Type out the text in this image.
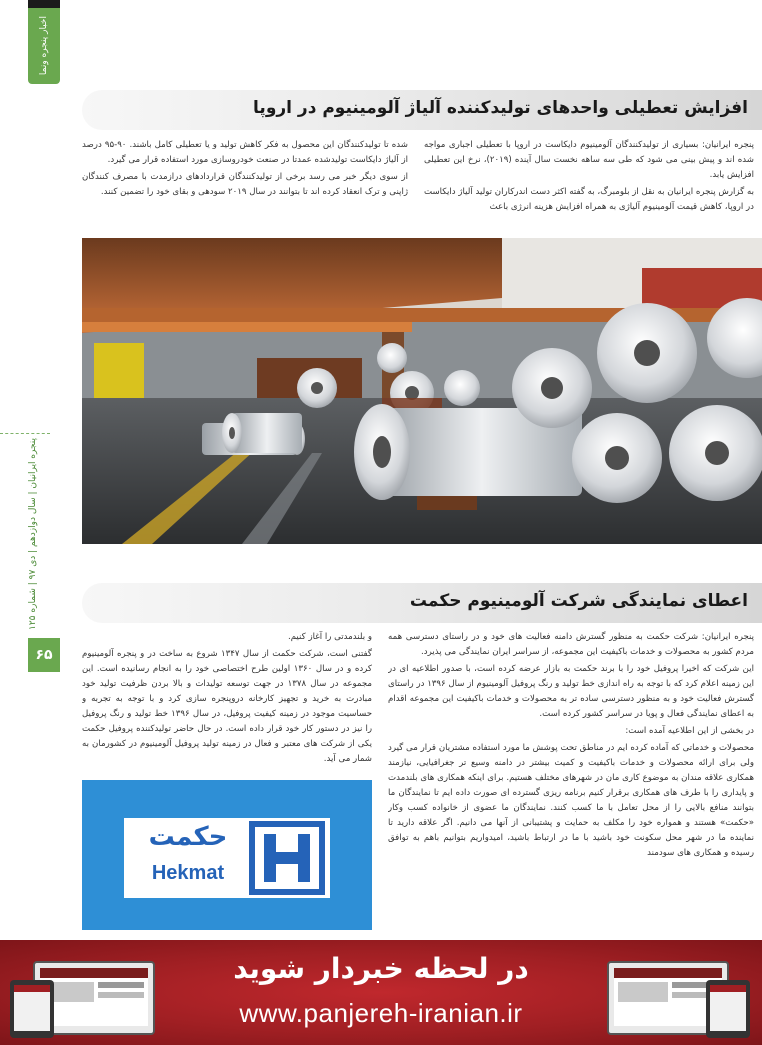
اخبار پنجره ونما
پنجره ایرانیان | سال دوازدهم | دی ۹۷ | شماره ۱۲۵
۶۵
افزایش تعطیلی واحدهای تولیدکننده آلیاژ آلومینیوم در اروپا

پنجره ایرانیان: بسیاری از تولیدکنندگان آلومینیوم دایکاست در اروپا با تعطیلی اجباری مواجه شده اند و پیش بینی می شود که طی سه ساهه نخست سال آینده (۲۰۱۹)، نرخ این تعطیلی افزایش یابد.

به گزارش پنجره ایرانیان به نقل از بلومبرگ، به گفته اکثر دست اندرکاران تولید آلیاژ دایکاست در اروپا، کاهش قیمت آلومینیوم آلیاژی به همراه افزایش هزینه انرژی باعث

شده تا تولیدکنندگان این محصول به فکر کاهش تولید و یا تعطیلی کامل باشند. ۹۰-۹۵ درصد از آلیاژ دایکاست تولیدشده عمدتا در صنعت خودروسازی مورد استفاده قرار می گیرد.

از سوی دیگر خبر می رسد برخی از تولیدکنندگان قراردادهای درازمدت با مصرف کنندگان ژاپنی و ترک انعقاد کرده اند تا بتوانند در سال ۲۰۱۹ سودهی و بقای خود را تضمین کنند.

اعطای نمایندگی شرکت آلومینیوم حکمت

پنجره ایرانیان: شرکت حکمت به منظور گسترش دامنه فعالیت های خود و در راستای دسترسی همه مردم کشور به محصولات و خدمات باکیفیت این مجموعه، از سراسر ایران نمایندگی می پذیرد.

این شرکت که اخیرا پروفیل خود را با برند حکمت به بازار عرضه کرده است، با صدور اطلاعیه ای در این زمینه اعلام کرد که با توجه به راه اندازی خط تولید و رنگ پروفیل آلومینیوم از سال ۱۳۹۶ در راستای گسترش فعالیت خود و به منظور دسترسی ساده تر به محصولات و خدمات باکیفیت این مجموعه اقدام به اعطای نمایندگی فعال و پویا در سراسر کشور کرده است.

در بخشی از این اطلاعیه آمده است:

محصولات و خدماتی که آماده کرده ایم در مناطق تحت پوشش ما مورد استفاده مشتریان قرار می گیرد ولی برای ارائه محصولات و خدمات باکیفیت و کمیت بیشتر در دامنه وسیع تر جغرافیایی، نیازمند همکاری علاقه مندان به موضوع کاری مان در شهرهای مختلف هستیم. برای اینکه همکاری های بلندمدت و پایداری را با طرف های همکاری برقرار کنیم برنامه ریزی گسترده ای صورت داده ایم تا نمایندگان ما بتوانند منافع بالایی را از محل تعامل با ما کسب کنند. نمایندگان ما عضوی از خانواده کسب وکار «حکمت» هستند و همواره خود را مکلف به حمایت و پشتیبانی از آنها می دانیم. اگر علاقه دارید تا نماینده ما در شهر محل سکونت خود باشید با ما در ارتباط باشید، امیدواریم بتوانیم باهم به توافق رسیده و همکاری های سودمند

و بلندمدتی را آغاز کنیم.

گفتنی است، شرکت حکمت از سال ۱۳۴۷ شروع به ساخت در و پنجره آلومینیوم کرده و در سال ۱۳۶۰ اولین طرح اختصاصی خود را به انجام رسانیده است. این مجموعه در سال ۱۳۷۸ در جهت توسعه تولیدات و بالا بردن ظرفیت تولید خود مبادرت به خرید و تجهیز کارخانه دروپنجره سازی کرد و با توجه به تجربه و حساسیت موجود در زمینه کیفیت پروفیل، در سال ۱۳۹۶ خط تولید و رنگ پروفیل را نیز در دستور کار خود قرار داده است. در حال حاضر تولیدکننده پروفیل حکمت یکی از شرکت های معتبر و فعال در زمینه تولید پروفیل آلومینیوم در کشورمان به شمار می آید.

حکمت
Hekmat
در لحظه خبردار شوید
www.panjereh-iranian.ir
